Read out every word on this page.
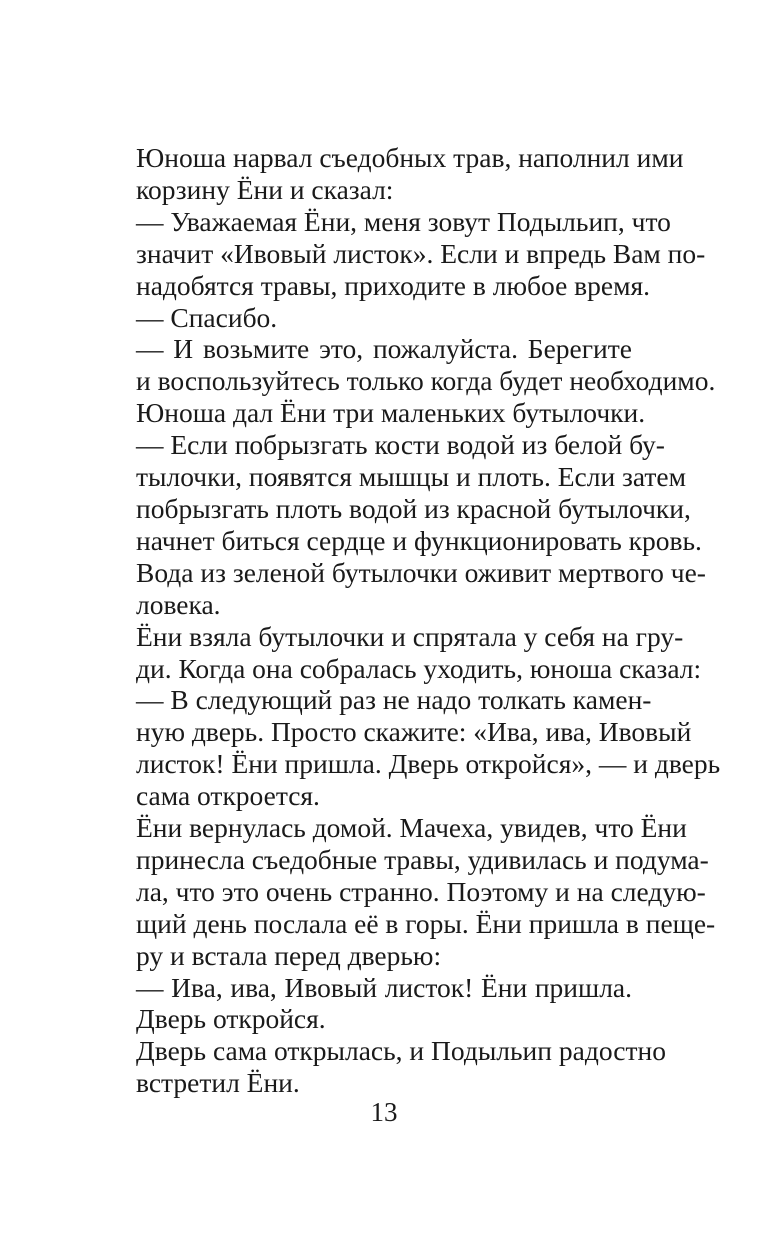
Юноша нарвал съедобных трав, наполнил ими
корзину Ёни и сказал:

— Уважаемая Ёни, меня зовут Подыльип, что
значит «Ивовый листок». Если и впредь Вам по-
надобятся травы, приходите в любое время.

— Спасибо.

— И возьмите это, пожалуйста. Берегите
и воспользуйтесь только когда будет необходимо.

Юноша дал Ёни три маленьких бутылочки.

— Если побрызгать кости водой из белой бу-
тылочки, появятся мышцы и плоть. Если затем
побрызгать плоть водой из красной бутылочки,
начнет биться сердце и функционировать кровь.
Вода из зеленой бутылочки оживит мертвого че-
ловека.

Ёни взяла бутылочки и спрятала у себя на гру-
ди. Когда она собралась уходить, юноша сказал:

— В следующий раз не надо толкать камен-
ную дверь. Просто скажите: «Ива, ива, Ивовый
листок! Ёни пришла. Дверь откройся», — и дверь
сама откроется.

Ёни вернулась домой. Мачеха, увидев, что Ёни
принесла съедобные травы, удивилась и подума-
ла, что это очень странно. Поэтому и на следую-
щий день послала её в горы. Ёни пришла в пеще-
ру и встала перед дверью:

— Ива, ива, Ивовый листок! Ёни пришла.
Дверь откройся.

Дверь сама открылась, и Подыльип радостно
встретил Ёни.

13
